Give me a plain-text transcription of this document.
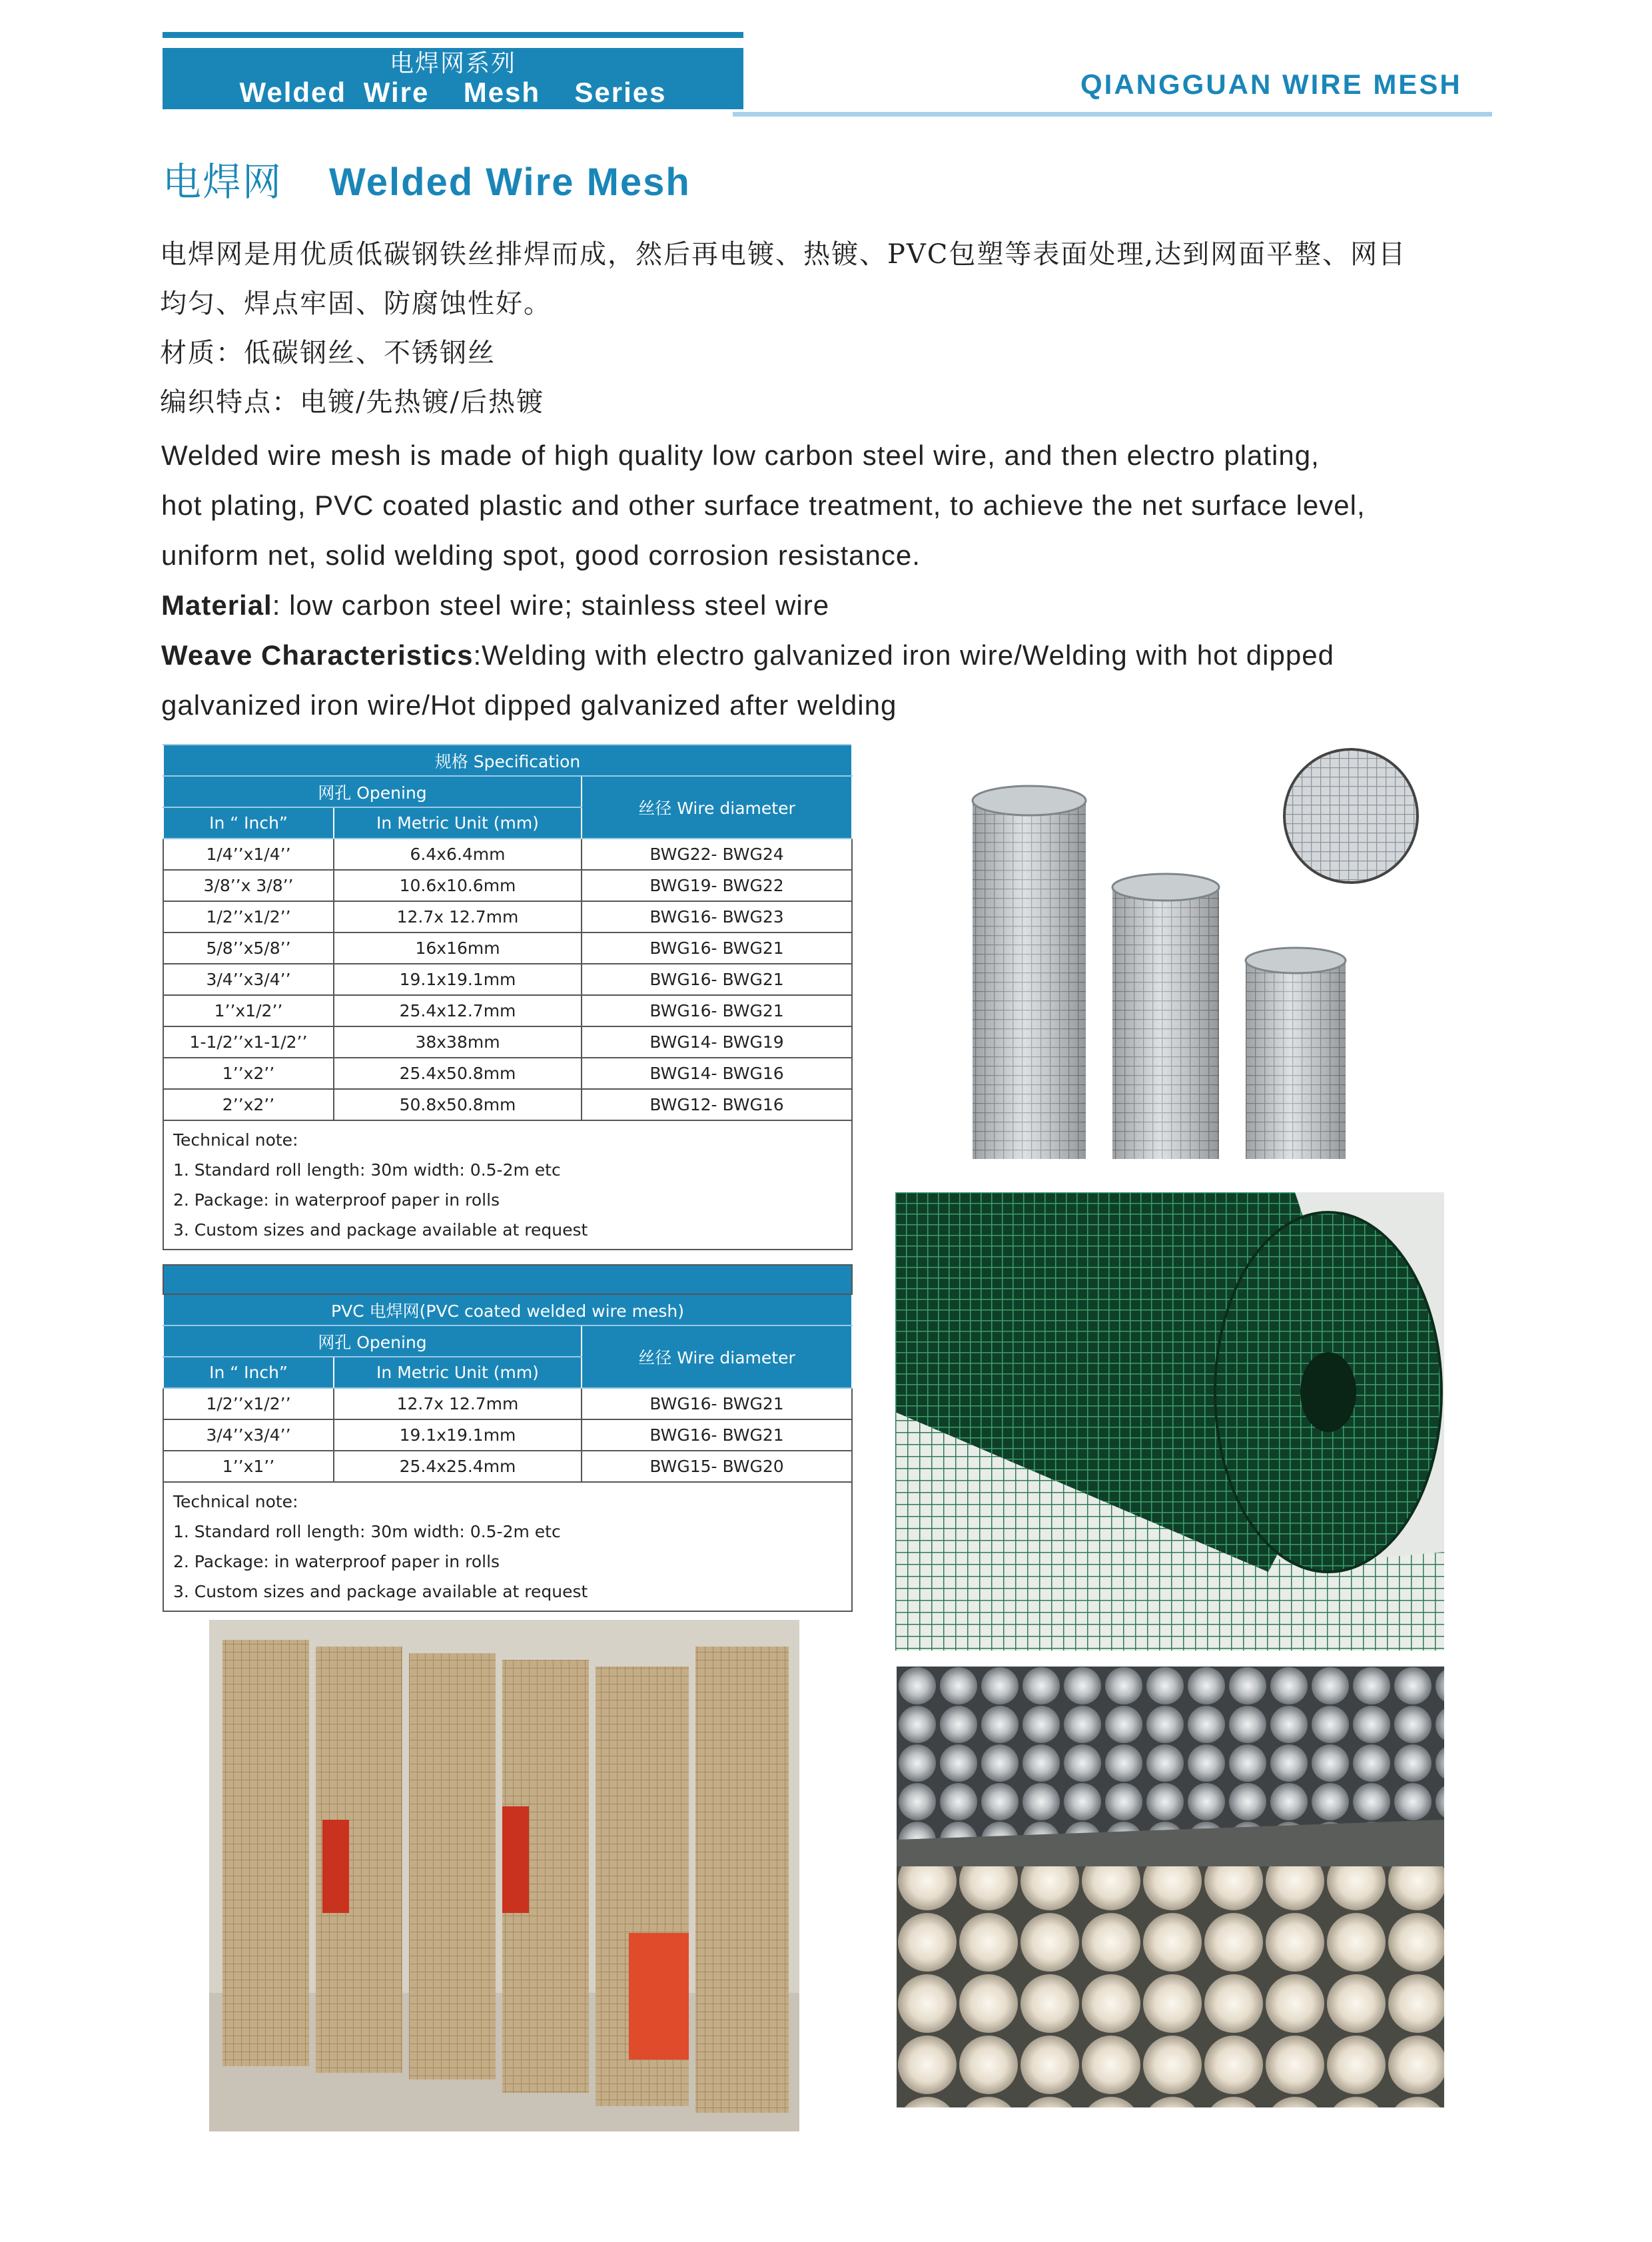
电焊网系列
Welded Wire  Mesh  Series	QIANGGUAN WIRE MESH
电焊网 Welded Wire Mesh
电焊网是用优质低碳钢铁丝排焊而成，然后再电镀、热镀、PVC包塑等表面处理,达到网面平整、网目
均匀、焊点牢固、防腐蚀性好。
材质：低碳钢丝、不锈钢丝
编织特点：电镀/先热镀/后热镀
Welded wire mesh is made of high quality low carbon steel wire, and then electro plating,
hot plating, PVC coated plastic and other surface treatment, to achieve the net surface level,
uniform net, solid welding spot, good corrosion resistance.
Material: low carbon steel wire; stainless steel wire
Weave Characteristics:Welding with electro galvanized iron wire/Welding with hot dipped
galvanized iron wire/Hot dipped galvanized after welding
规格 Specification		
网孔 Opening		丝径 Wire diameter
In “ Inch”	In Metric Unit (mm)	
1/4’’x1/4’’	6.4x6.4mm	BWG22- BWG24
3/8’’x 3/8’’	10.6x10.6mm	BWG19- BWG22
1/2’’x1/2’’	12.7x 12.7mm	BWG16- BWG23
5/8’’x5/8’’	16x16mm	BWG16- BWG21
3/4’’x3/4’’	19.1x19.1mm	BWG16- BWG21
1’’x1/2’’	25.4x12.7mm	BWG16- BWG21
1-1/2’’x1-1/2’’	38x38mm	BWG14- BWG19
1’’x2’’	25.4x50.8mm	BWG14- BWG16
2’’x2’’	50.8x50.8mm	BWG12- BWG16

Technical note:
1. Standard roll length: 30m width: 0.5-2m etc
2. Package: in waterproof paper in rolls
3. Custom sizes and package available at request		

PVC 电焊网(PVC coated welded wire mesh)		
网孔 Opening		丝径 Wire diameter
In “ Inch”	In Metric Unit (mm)	
1/2’’x1/2’’	12.7x 12.7mm	BWG16- BWG21
3/4’’x3/4’’	19.1x19.1mm	BWG16- BWG21
1’’x1’’	25.4x25.4mm	BWG15- BWG20

Technical note:
1. Standard roll length: 30m width: 0.5-2m etc
2. Package: in waterproof paper in rolls
3. Custom sizes and package available at request		
